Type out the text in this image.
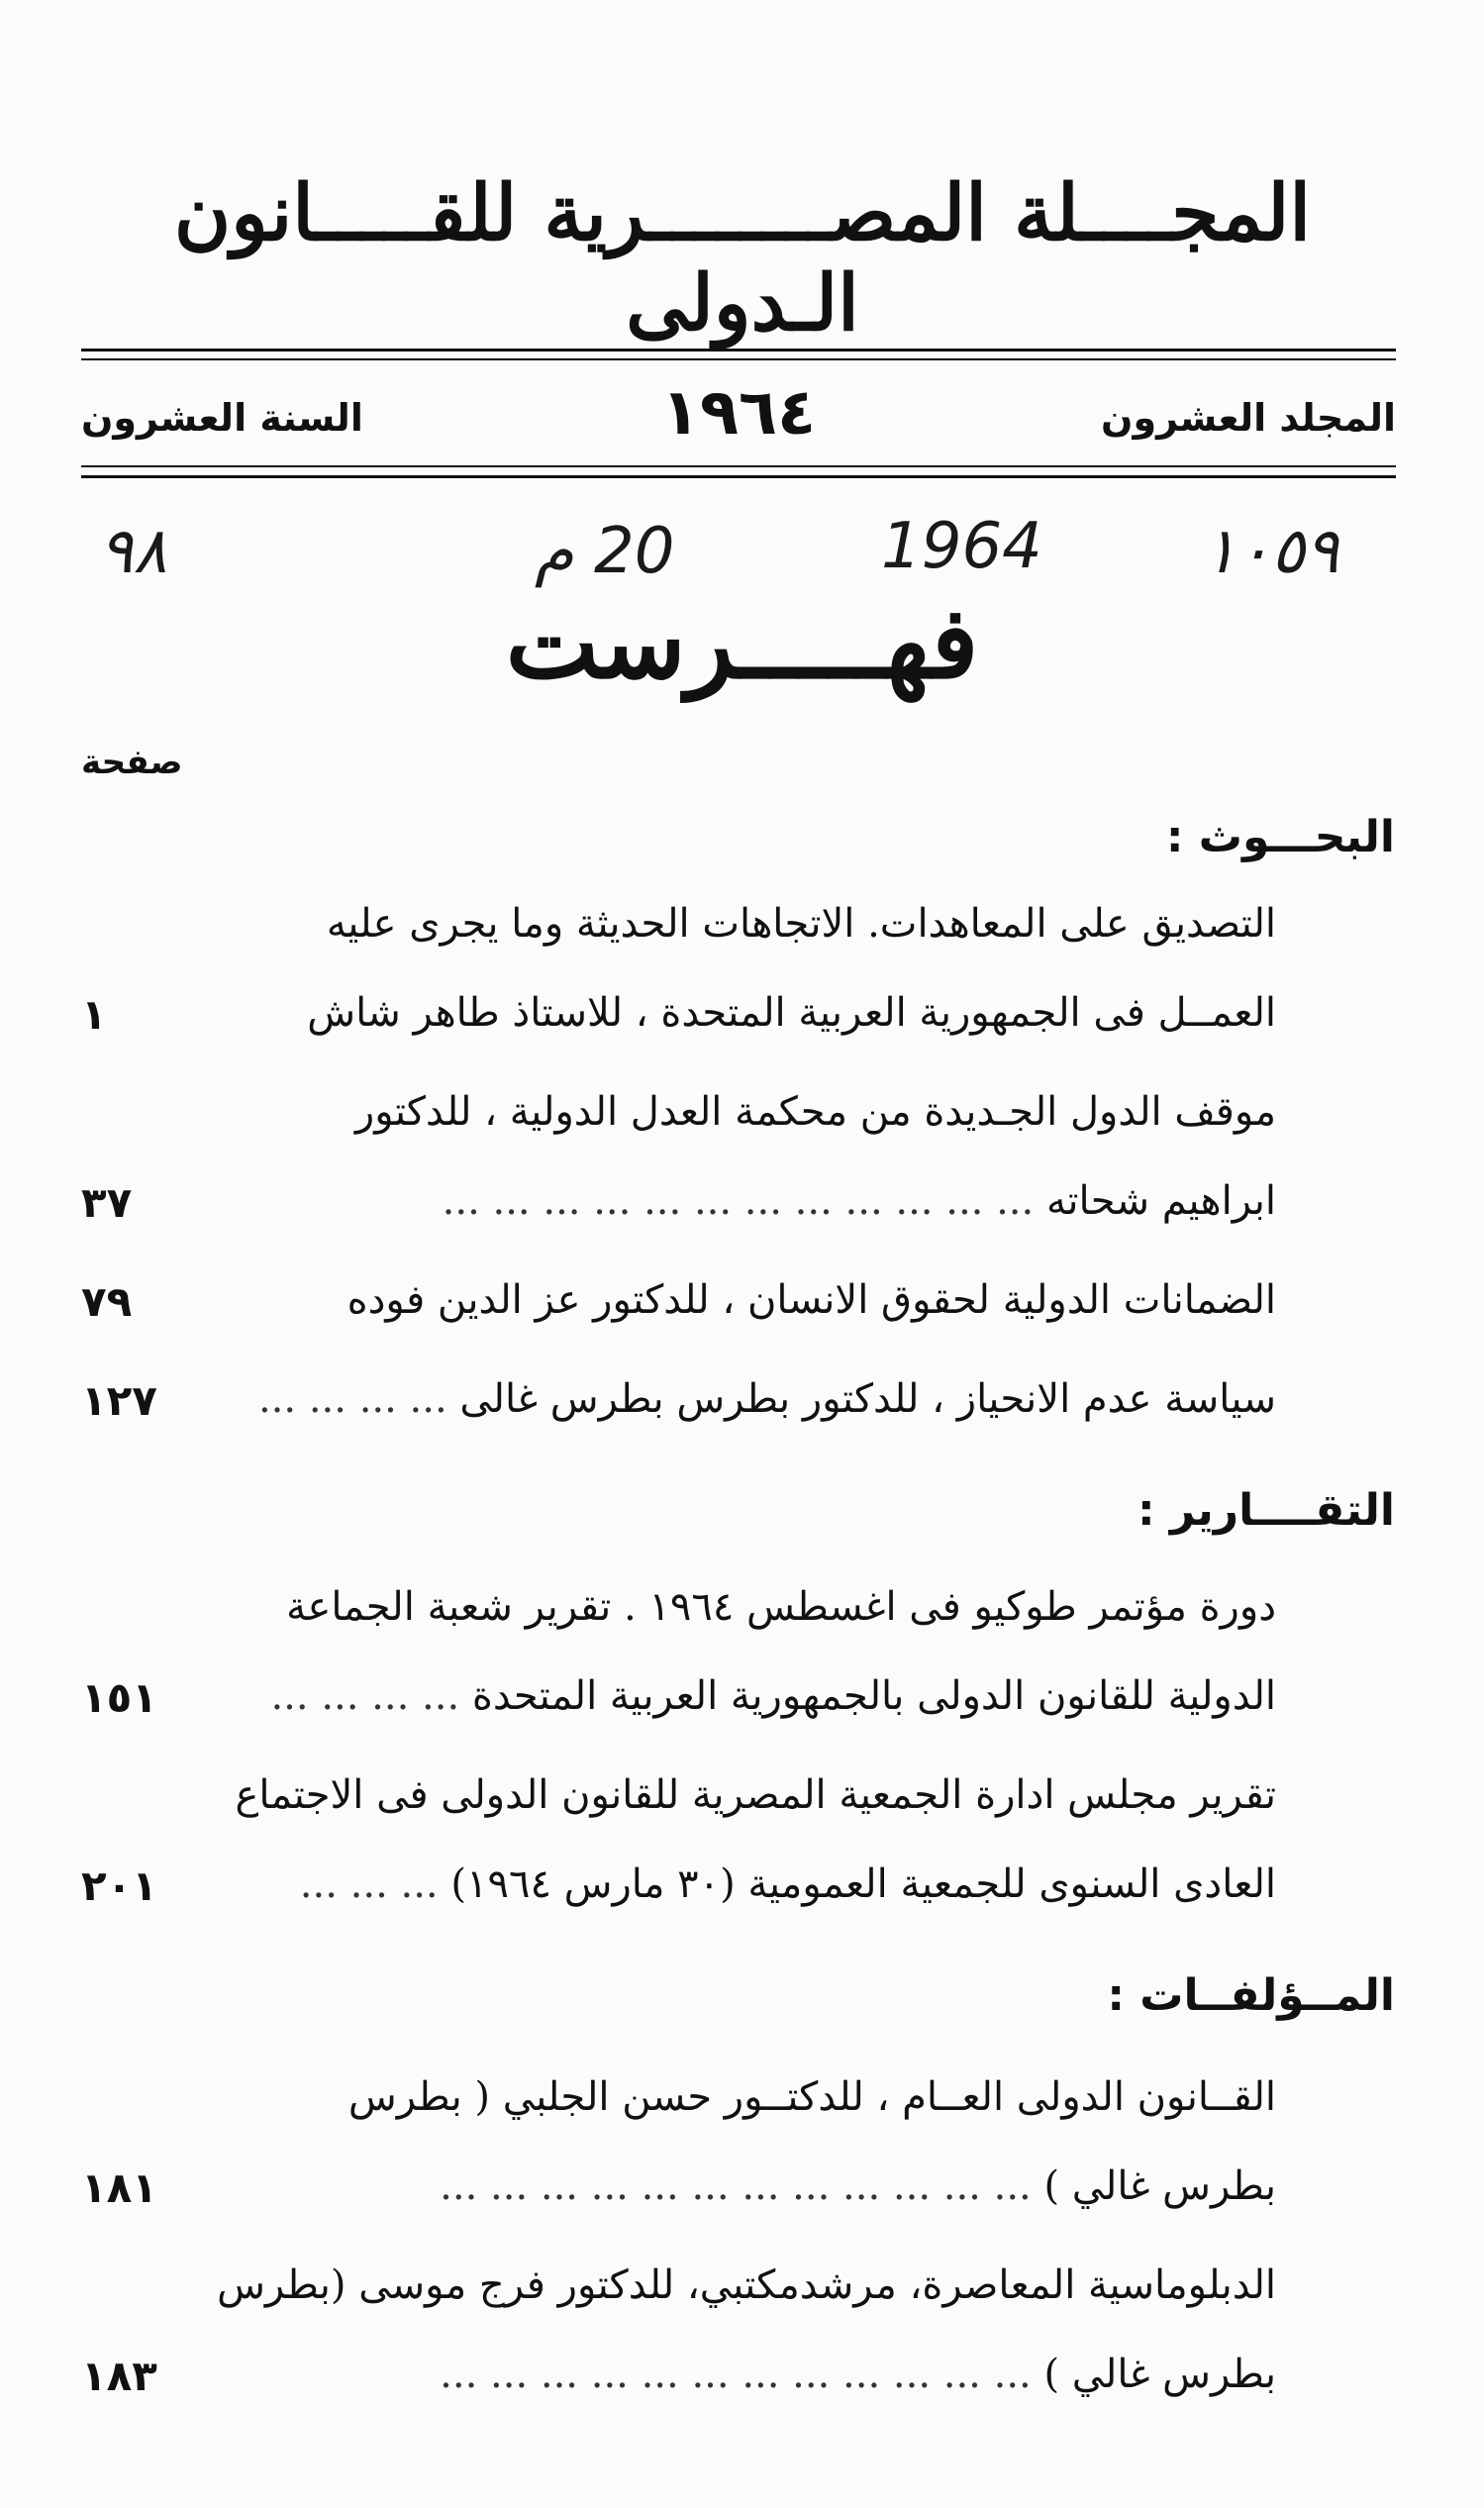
المجــــلة المصــــــــرية للقـــــانون الـدولى
المجلد العشرون
١٩٦٤
السنة العشرون
٩٨	20 م	1964	١٠٥٩
فهـــــرست
صفحة
البحـــوث :
التصديق على المعاهدات. الاتجاهات الحديثة وما يجرى عليه
العمــل فى الجمهورية العربية المتحدة ، للاستاذ طاهر شاش
١
موقف الدول الجـديدة من محكمة العدل الدولية ، للدكتور
ابراهيم شحاته ... ... ... ... ... ... ... ... ... ... ... ...
٣٧
الضمانات الدولية لحقوق الانسان ، للدكتور عز الدين فوده
٧٩
سياسة عدم الانحياز ، للدكتور بطرس بطرس غالى ... ... ... ...
١٢٧
التقــــارير :
دورة مؤتمر طوكيو فى اغسطس ١٩٦٤ . تقرير شعبة الجماعة
الدولية للقانون الدولى بالجمهورية العربية المتحدة ... ... ... ...
١٥١
تقرير مجلس ادارة الجمعية المصرية للقانون الدولى فى الاجتماع
العادى السنوى للجمعية العمومية (٣٠ مارس ١٩٦٤) ... ... ...
٢٠١
المــؤلفــات :
القــانون الدولى العــام ، للدكتــور حسن الجلبي ( بطرس
بطرس غالي ) ... ... ... ... ... ... ... ... ... ... ... ...
١٨١
الدبلوماسية المعاصرة، مرشدمكتبي، للدكتور فرج موسى (بطرس
بطرس غالي ) ... ... ... ... ... ... ... ... ... ... ... ...
١٨٣
